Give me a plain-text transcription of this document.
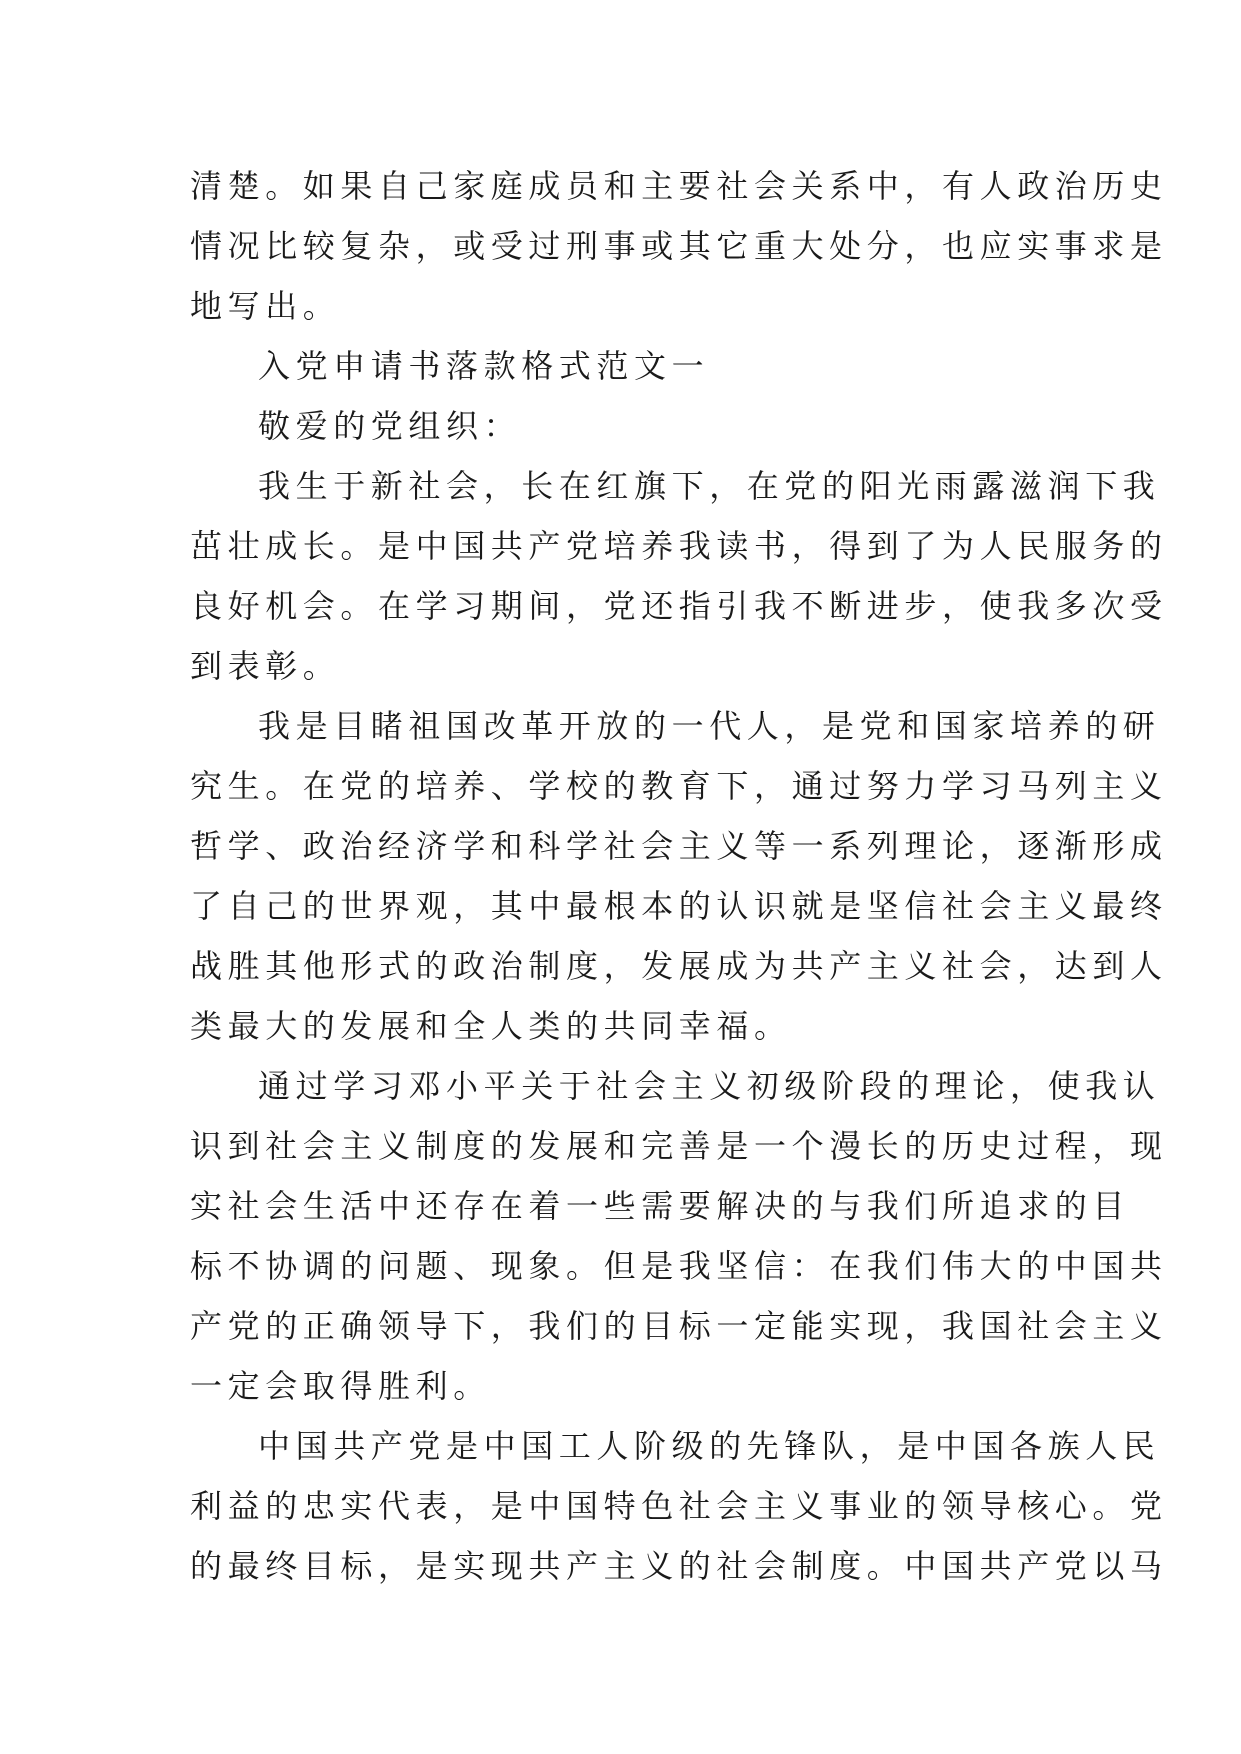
清楚。如果自己家庭成员和主要社会关系中，有人政治历史
情况比较复杂，或受过刑事或其它重大处分，也应实事求是
地写出。
入党申请书落款格式范文一
敬爱的党组织：
我生于新社会，长在红旗下，在党的阳光雨露滋润下我
茁壮成长。是中国共产党培养我读书，得到了为人民服务的
良好机会。在学习期间，党还指引我不断进步，使我多次受
到表彰。
我是目睹祖国改革开放的一代人，是党和国家培养的研
究生。在党的培养、学校的教育下，通过努力学习马列主义
哲学、政治经济学和科学社会主义等一系列理论，逐渐形成
了自己的世界观，其中最根本的认识就是坚信社会主义最终
战胜其他形式的政治制度，发展成为共产主义社会，达到人
类最大的发展和全人类的共同幸福。
通过学习邓小平关于社会主义初级阶段的理论，使我认
识到社会主义制度的发展和完善是一个漫长的历史过程，现
实社会生活中还存在着一些需要解决的与我们所追求的目
标不协调的问题、现象。但是我坚信：在我们伟大的中国共
产党的正确领导下，我们的目标一定能实现，我国社会主义
一定会取得胜利。
中国共产党是中国工人阶级的先锋队，是中国各族人民
利益的忠实代表，是中国特色社会主义事业的领导核心。党
的最终目标，是实现共产主义的社会制度。中国共产党以马
